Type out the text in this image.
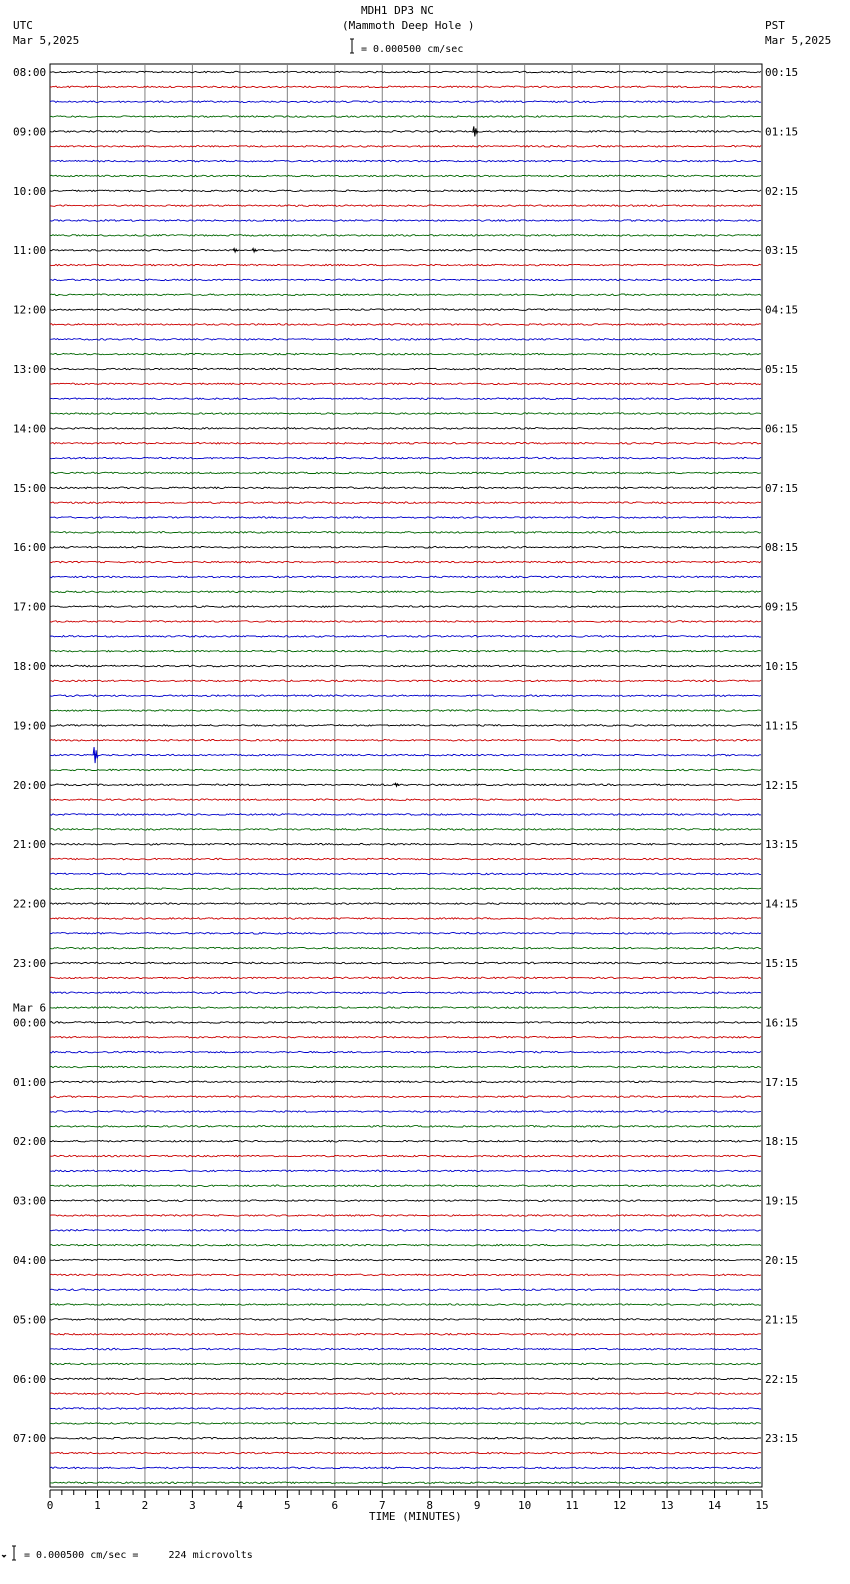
08:00
09:00
10:00
11:00
12:00
13:00
14:00
15:00
16:00
17:00
18:00
19:00
20:00
21:00
22:00
23:00
00:00
01:00
02:00
03:00
04:00
05:00
06:00
07:00
00:15
01:15
02:15
03:15
04:15
05:15
06:15
07:15
08:15
09:15
10:15
11:15
12:15
13:15
14:15
15:15
16:15
17:15
18:15
19:15
20:15
21:15
22:15
23:15
Mar 6
0	1	2	3	4	5	6	7	8	9	10	11	12	13	14	15
MDH1 DP3 NC
(Mammoth Deep Hole )
= 0.000500 cm/sec
UTC
Mar 5,2025
PST
Mar 5,2025
TIME (MINUTES)
= 0.000500 cm/sec =     224 microvolts
